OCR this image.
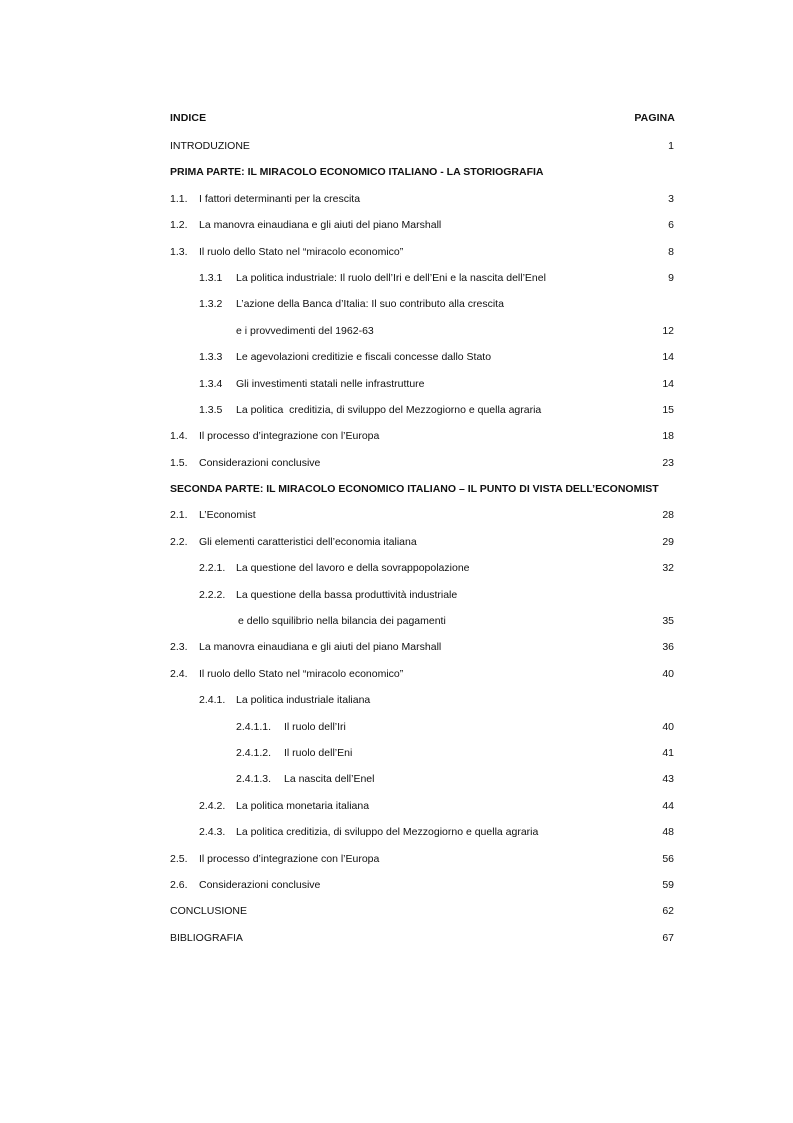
INDICE	PAGINA
INTRODUZIONE	1
PRIMA PARTE: IL MIRACOLO ECONOMICO ITALIANO - LA STORIOGRAFIA
1.1. I fattori determinanti per la crescita	3
1.2. La manovra einaudiana e gli aiuti del piano Marshall	6
1.3. Il ruolo dello Stato nel “miracolo economico”	8
1.3.1 La politica industriale: Il ruolo dell’Iri e dell’Eni e la nascita dell’Enel	9
1.3.2 L’azione della Banca d’Italia: Il suo contributo alla crescita
e i provvedimenti del 1962-63	12
1.3.3 Le agevolazioni creditizie e fiscali concesse dallo Stato	14
1.3.4 Gli investimenti statali nelle infrastrutture	14
1.3.5 La politica  creditizia, di sviluppo del Mezzogiorno e quella agraria	15
1.4. Il processo d’integrazione con l’Europa	18
1.5. Considerazioni conclusive	23
SECONDA PARTE: IL MIRACOLO ECONOMICO ITALIANO – IL PUNTO DI VISTA DELL’ECONOMIST
2.1. L’Economist	28
2.2. Gli elementi caratteristici dell’economia italiana	29
2.2.1. La questione del lavoro e della sovrappopolazione	32
2.2.2. La questione della bassa produttività industriale
e dello squilibrio nella bilancia dei pagamenti	35
2.3. La manovra einaudiana e gli aiuti del piano Marshall	36
2.4. Il ruolo dello Stato nel “miracolo economico”	40
2.4.1. La politica industriale italiana
2.4.1.1. Il ruolo dell’Iri	40
2.4.1.2. Il ruolo dell’Eni	41
2.4.1.3. La nascita dell’Enel	43
2.4.2. La politica monetaria italiana	44
2.4.3. La politica creditizia, di sviluppo del Mezzogiorno e quella agraria	48
2.5. Il processo d’integrazione con l’Europa	56
2.6. Considerazioni conclusive	59
CONCLUSIONE	62
BIBLIOGRAFIA	67
